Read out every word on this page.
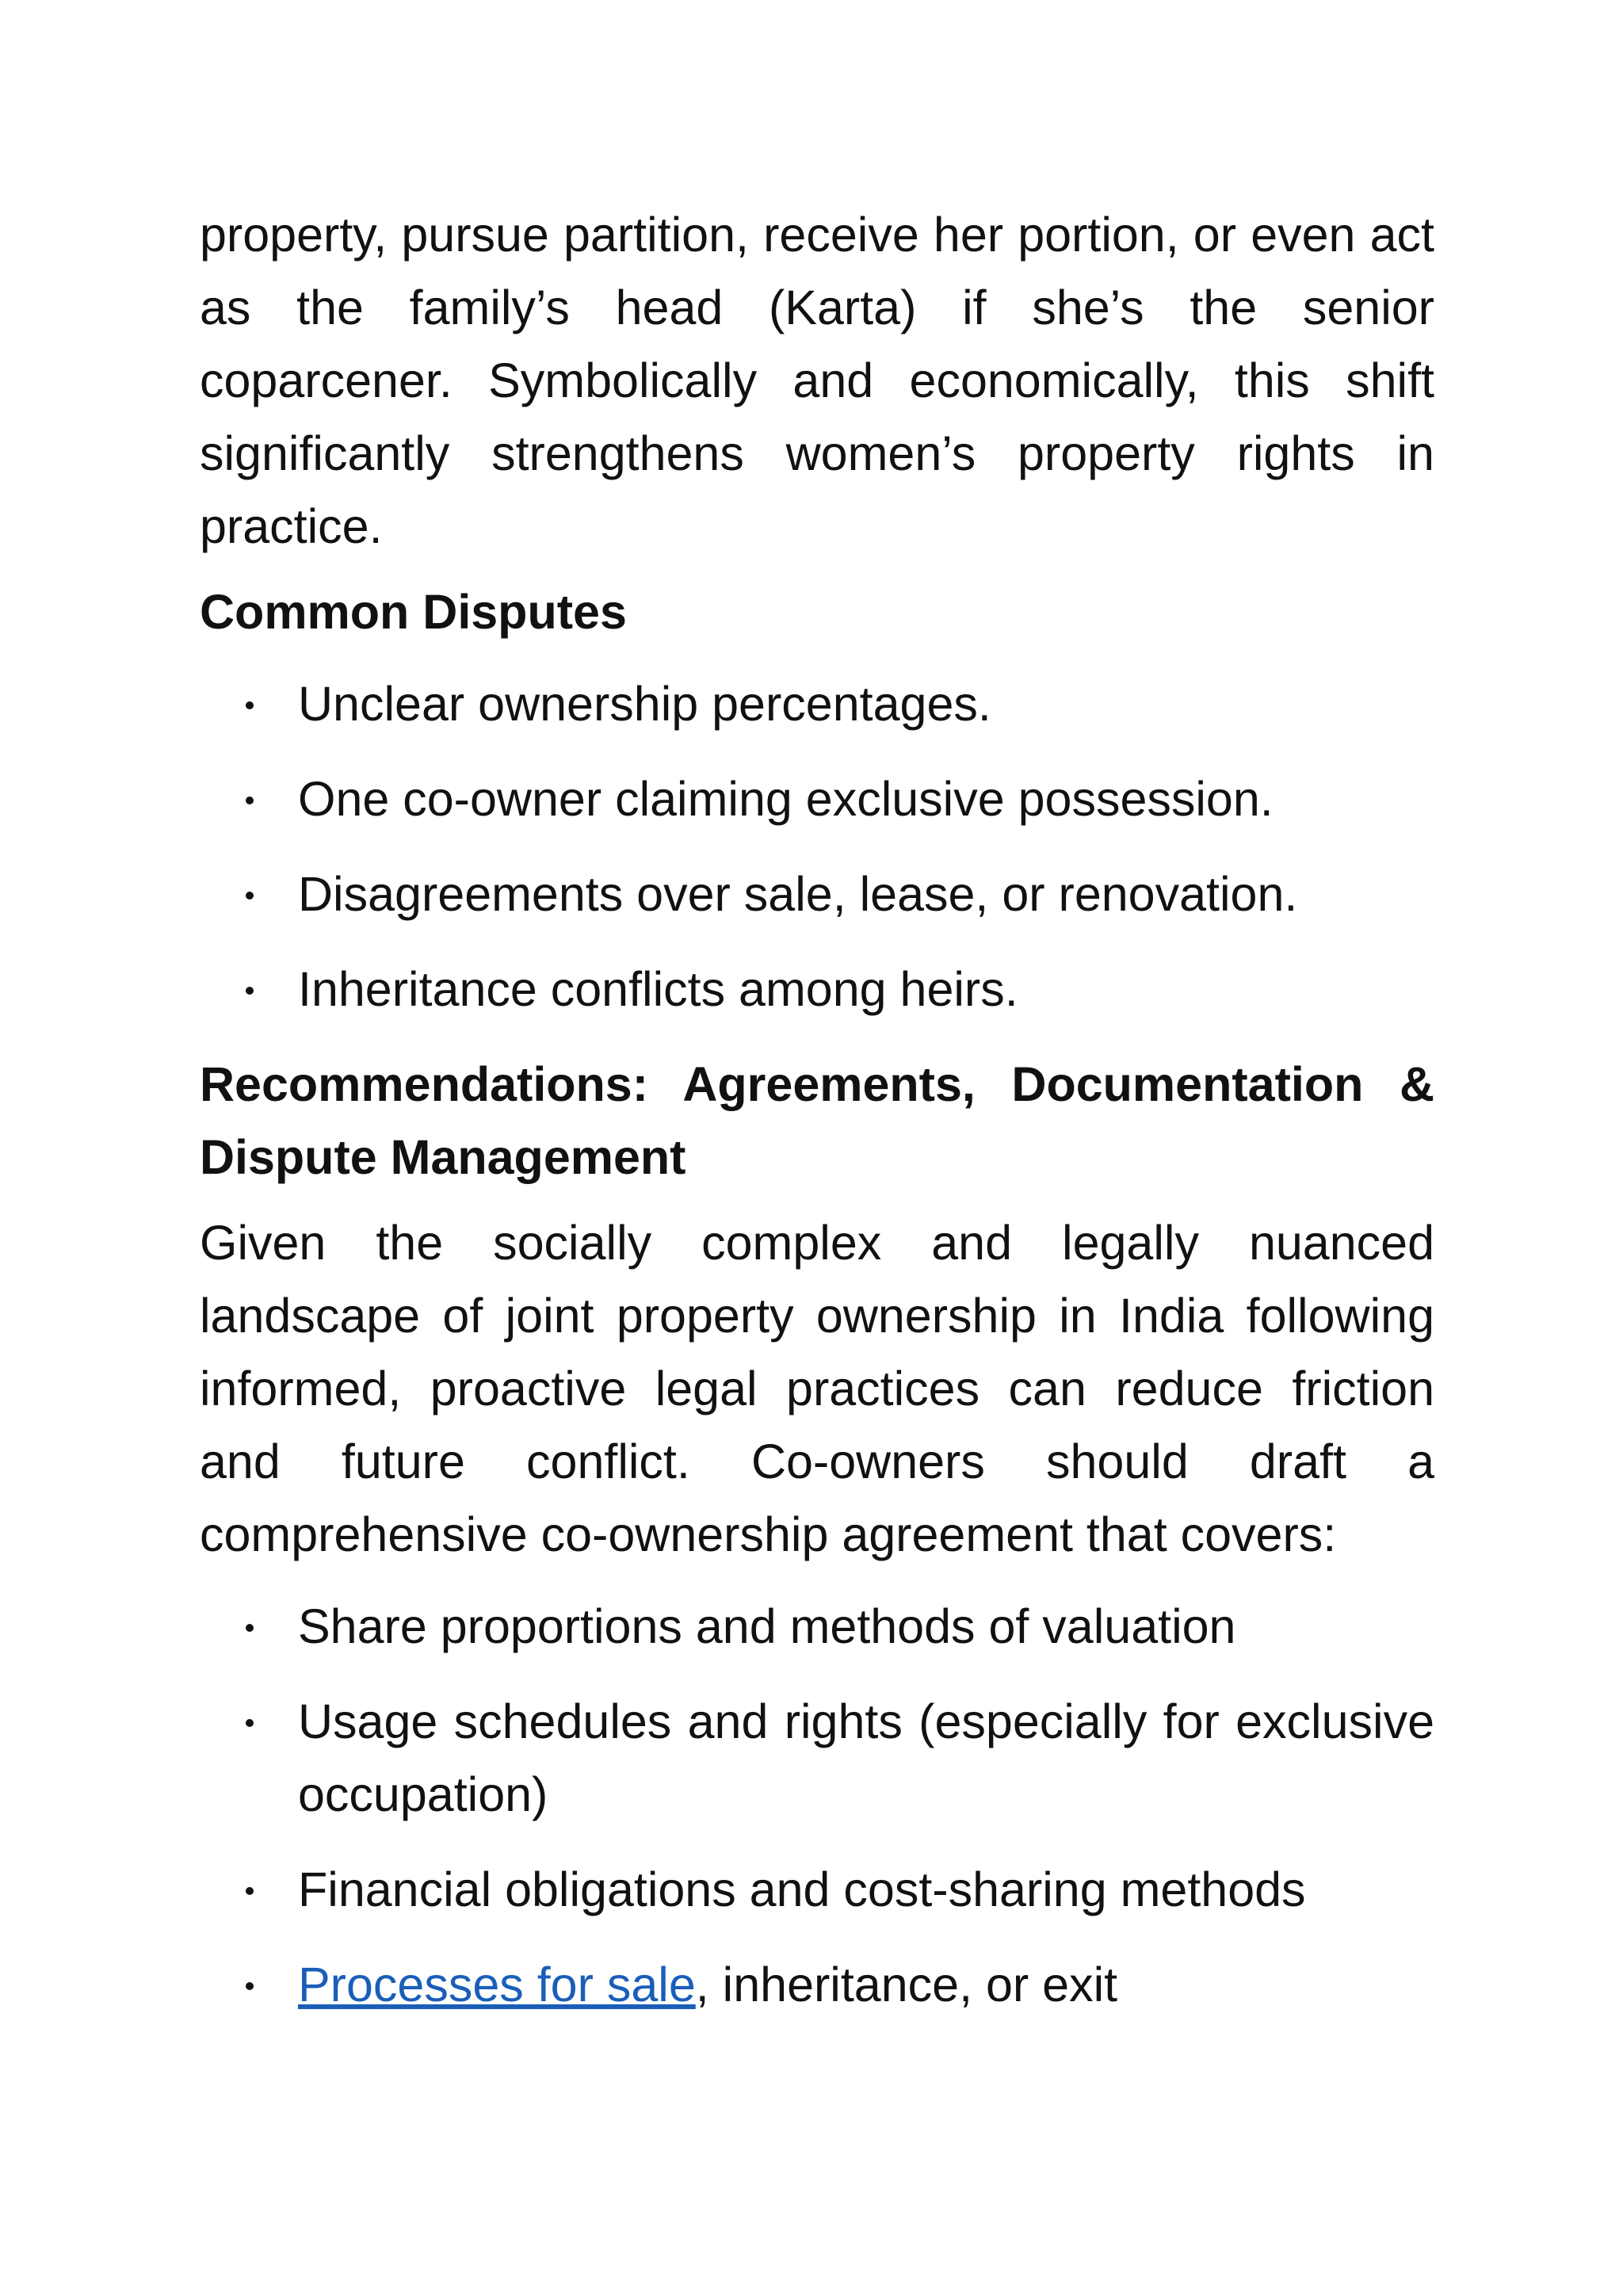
property, pursue partition, receive her portion, or even act as the family’s head (Karta) if she’s the senior coparcener. Symbolically and economically, this shift significantly strengthens women’s property rights in practice.

Common Disputes
Unclear ownership percentages.
One co-owner claiming exclusive possession.
Disagreements over sale, lease, or renovation.
Inheritance conflicts among heirs.
Recommendations: Agreements, Documentation & Dispute Management

Given the socially complex and legally nuanced landscape of joint property ownership in India following informed, proactive legal practices can reduce friction and future conflict. Co-owners should draft a comprehensive co-ownership agreement that covers:

Share proportions and methods of valuation
Usage schedules and rights (especially for exclusive occupation)
Financial obligations and cost-sharing methods
Processes for sale, inheritance, or exit
